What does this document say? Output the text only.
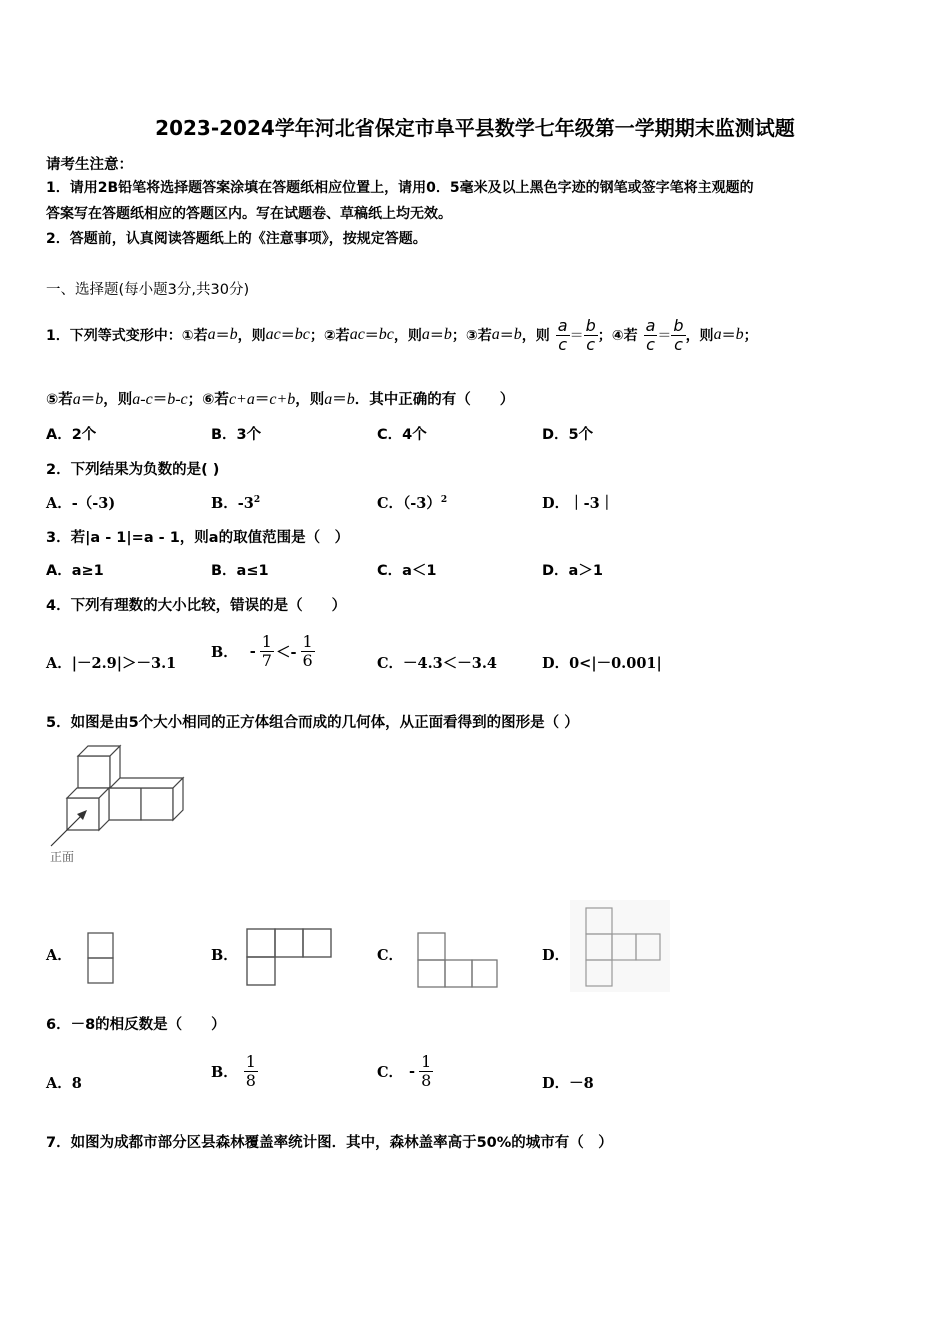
2023-2024学年河北省保定市阜平县数学七年级第一学期期末监测试题
请考生注意：
1．请用2B铅笔将选择题答案涂填在答题纸相应位置上，请用0．5毫米及以上黑色字迹的钢笔或签字笔将主观题的
答案写在答题纸相应的答题区内。写在试题卷、草稿纸上均无效。
2．答题前，认真阅读答题纸上的《注意事项》，按规定答题。
一、选择题(每小题3分,共30分)
1．下列等式变形中：①若 a ＝ b ，则 ac ＝ bc ； ②若 ac ＝ bc ，则 a ＝ b ； ③若 a ＝ b ，则 $\frac{a}{c} = \frac{b}{c}$ ； ④若 $\frac{a}{c} = \frac{b}{c}$ ，则 a ＝ b ；
⑤若a＝b，则a-c＝b-c；⑥若c+a＝c+b，则a＝b．其中正确的有（　　）
A．2个	B．3个	C．4个	D．5个
2．下列结果为负数的是( )
A．-（-3)	B．$-3^2$	C．$(-3)^2$	D．｜-3｜
3．若|a - 1|=a - 1，则a的取值范围是（　）
A．a≥1	B．a≤1	C．a＜1	D．a＞1
4．下列有理数的大小比较，错误的是（　　）
A．|－2.9|＞－3.1
B． - $\frac{1}{7} <- \frac{1}{6}$	C．－4.3＜－3.4	D．0<|－0.001|
5．如图是由5个大小相同的正方体组合而成的几何体，从正面看得到的图形是（ ）
正面
A．	B．	C．	D．
6．－8的相反数是（　　）
A．8
B． $\frac{1}{8}$	C． - $\frac{1}{8}$	D．－8
7．如图为成都市部分区县森林覆盖率统计图．其中，森林盖率高于50%的城市有（　）
